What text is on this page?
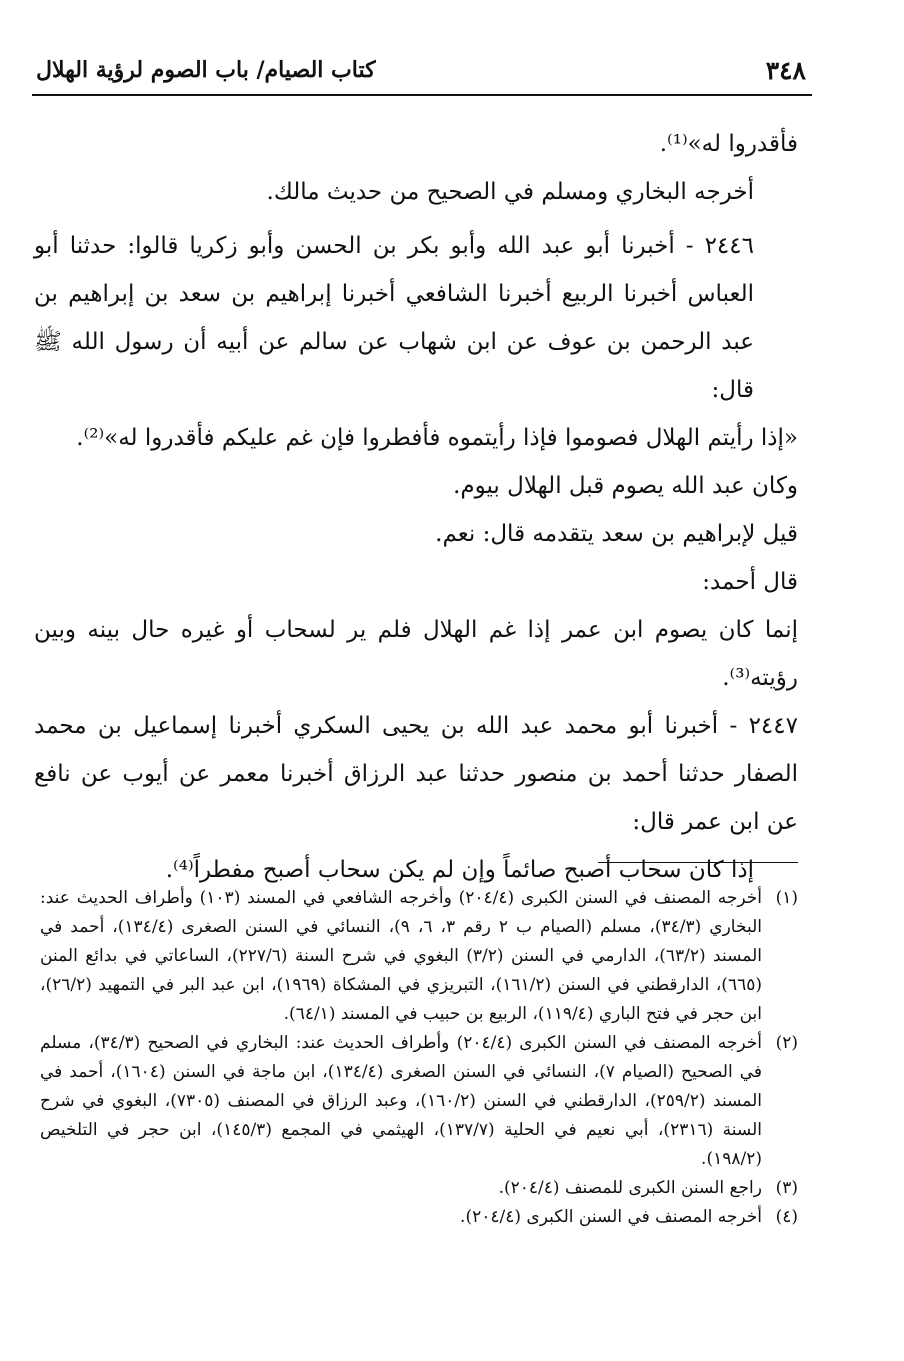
٣٤٨
كتاب الصيام/ باب الصوم لرؤية الهلال

فأقدروا له»⁽¹⁾.

أخرجه البخاري ومسلم في الصحيح من حديث مالك.

٢٤٤٦ - أخبرنا أبو عبد الله وأبو بكر بن الحسن وأبو زكريا قالوا: حدثنا أبو العباس أخبرنا الربيع أخبرنا الشافعي أخبرنا إبراهيم بن سعد بن إبراهيم بن عبد الرحمن بن عوف عن ابن شهاب عن سالم عن أبيه أن رسول الله ﷺ قال:

«إذا رأيتم الهلال فصوموا فإذا رأيتموه فأفطروا فإن غم عليكم فأقدروا له»⁽²⁾.

وكان عبد الله يصوم قبل الهلال بيوم.

قيل لإبراهيم بن سعد يتقدمه قال: نعم.

قال أحمد:

إنما كان يصوم ابن عمر إذا غم الهلال فلم ير لسحاب أو غيره حال بينه وبين رؤيته⁽³⁾.

٢٤٤٧ - أخبرنا أبو محمد عبد الله بن يحيى السكري أخبرنا إسماعيل بن محمد الصفار حدثنا أحمد بن منصور حدثنا عبد الرزاق أخبرنا معمر عن أيوب عن نافع عن ابن عمر قال:

إذا كان سحاب أصبح صائماً وإن لم يكن سحاب أصبح مفطراً⁽⁴⁾.

(١)
أخرجه المصنف في السنن الكبرى (٢٠٤/٤) وأخرجه الشافعي في المسند (١٠٣) وأطراف الحديث عند: البخاري (٣٤/٣)، مسلم (الصيام ب ٢ رقم ٣، ٦، ٩)، النسائي في السنن الصغرى (١٣٤/٤)، أحمد في المسند (٦٣/٢)، الدارمي في السنن (٣/٢) البغوي في شرح السنة (٢٢٧/٦)، الساعاتي في بدائع المنن (٦٦٥)، الدارقطني في السنن (١٦١/٢)، التبريزي في المشكاة (١٩٦٩)، ابن عبد البر في التمهيد (٢٦/٢)، ابن حجر في فتح الباري (١١٩/٤)، الربيع بن حبيب في المسند (٦٤/١).
(٢)
أخرجه المصنف في السنن الكبرى (٢٠٤/٤) وأطراف الحديث عند: البخاري في الصحيح (٣٤/٣)، مسلم في الصحيح (الصيام ٧)، النسائي في السنن الصغرى (١٣٤/٤)، ابن ماجة في السنن (١٦٠٤)، أحمد في المسند (٢٥٩/٢)، الدارقطني في السنن (١٦٠/٢)، وعبد الرزاق في المصنف (٧٣٠٥)، البغوي في شرح السنة (٢٣١٦)، أبي نعيم في الحلية (١٣٧/٧)، الهيثمي في المجمع (١٤٥/٣)، ابن حجر في التلخيص (١٩٨/٢).
(٣)
راجع السنن الكبرى للمصنف (٢٠٤/٤).
(٤)
أخرجه المصنف في السنن الكبرى (٢٠٤/٤).
